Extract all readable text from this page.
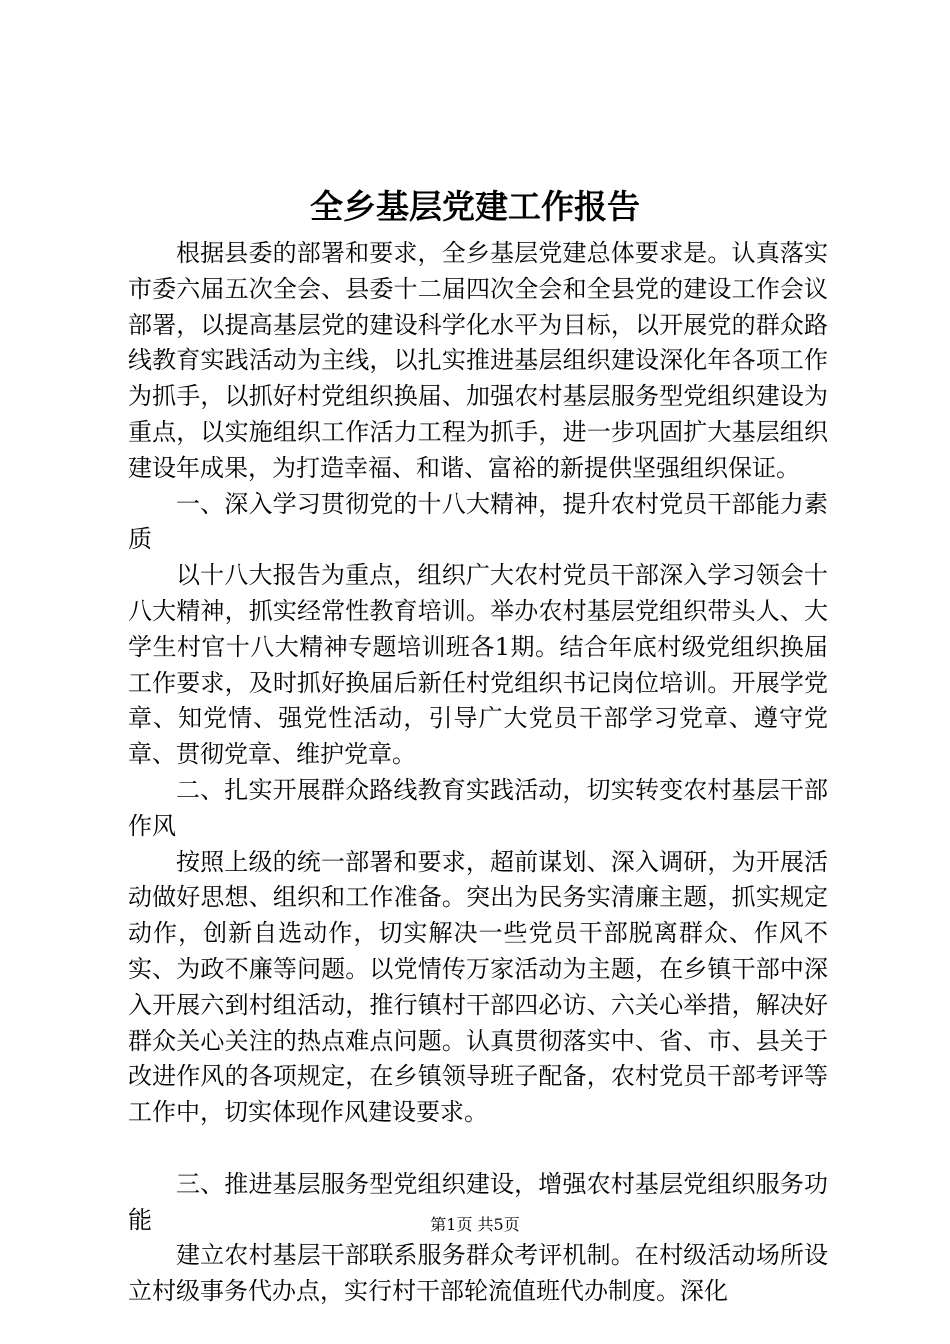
全乡基层党建工作报告

根据县委的部署和要求，全乡基层党建总体要求是。认真落实市委六届五次全会、县委十二届四次全会和全县党的建设工作会议部署，以提高基层党的建设科学化水平为目标，以开展党的群众路线教育实践活动为主线，以扎实推进基层组织建设深化年各项工作为抓手，以抓好村党组织换届、加强农村基层服务型党组织建设为重点，以实施组织工作活力工程为抓手，进一步巩固扩大基层组织建设年成果，为打造幸福、和谐、富裕的新提供坚强组织保证。

一、深入学习贯彻党的十八大精神，提升农村党员干部能力素质

以十八大报告为重点，组织广大农村党员干部深入学习领会十八大精神，抓实经常性教育培训。举办农村基层党组织带头人、大学生村官十八大精神专题培训班各1期。结合年底村级党组织换届工作要求，及时抓好换届后新任村党组织书记岗位培训。开展学党章、知党情、强党性活动，引导广大党员干部学习党章、遵守党章、贯彻党章、维护党章。

二、扎实开展群众路线教育实践活动，切实转变农村基层干部作风

按照上级的统一部署和要求，超前谋划、深入调研，为开展活动做好思想、组织和工作准备。突出为民务实清廉主题，抓实规定动作，创新自选动作，切实解决一些党员干部脱离群众、作风不实、为政不廉等问题。以党情传万家活动为主题，在乡镇干部中深入开展六到村组活动，推行镇村干部四必访、六关心举措，解决好群众关心关注的热点难点问题。认真贯彻落实中、省、市、县关于改进作风的各项规定，在乡镇领导班子配备，农村党员干部考评等工作中，切实体现作风建设要求。

三、推进基层服务型党组织建设，增强农村基层党组织服务功能

建立农村基层干部联系服务群众考评机制。在村级活动场所设立村级事务代办点，实行村干部轮流值班代办制度。深化

第1页 共5页
